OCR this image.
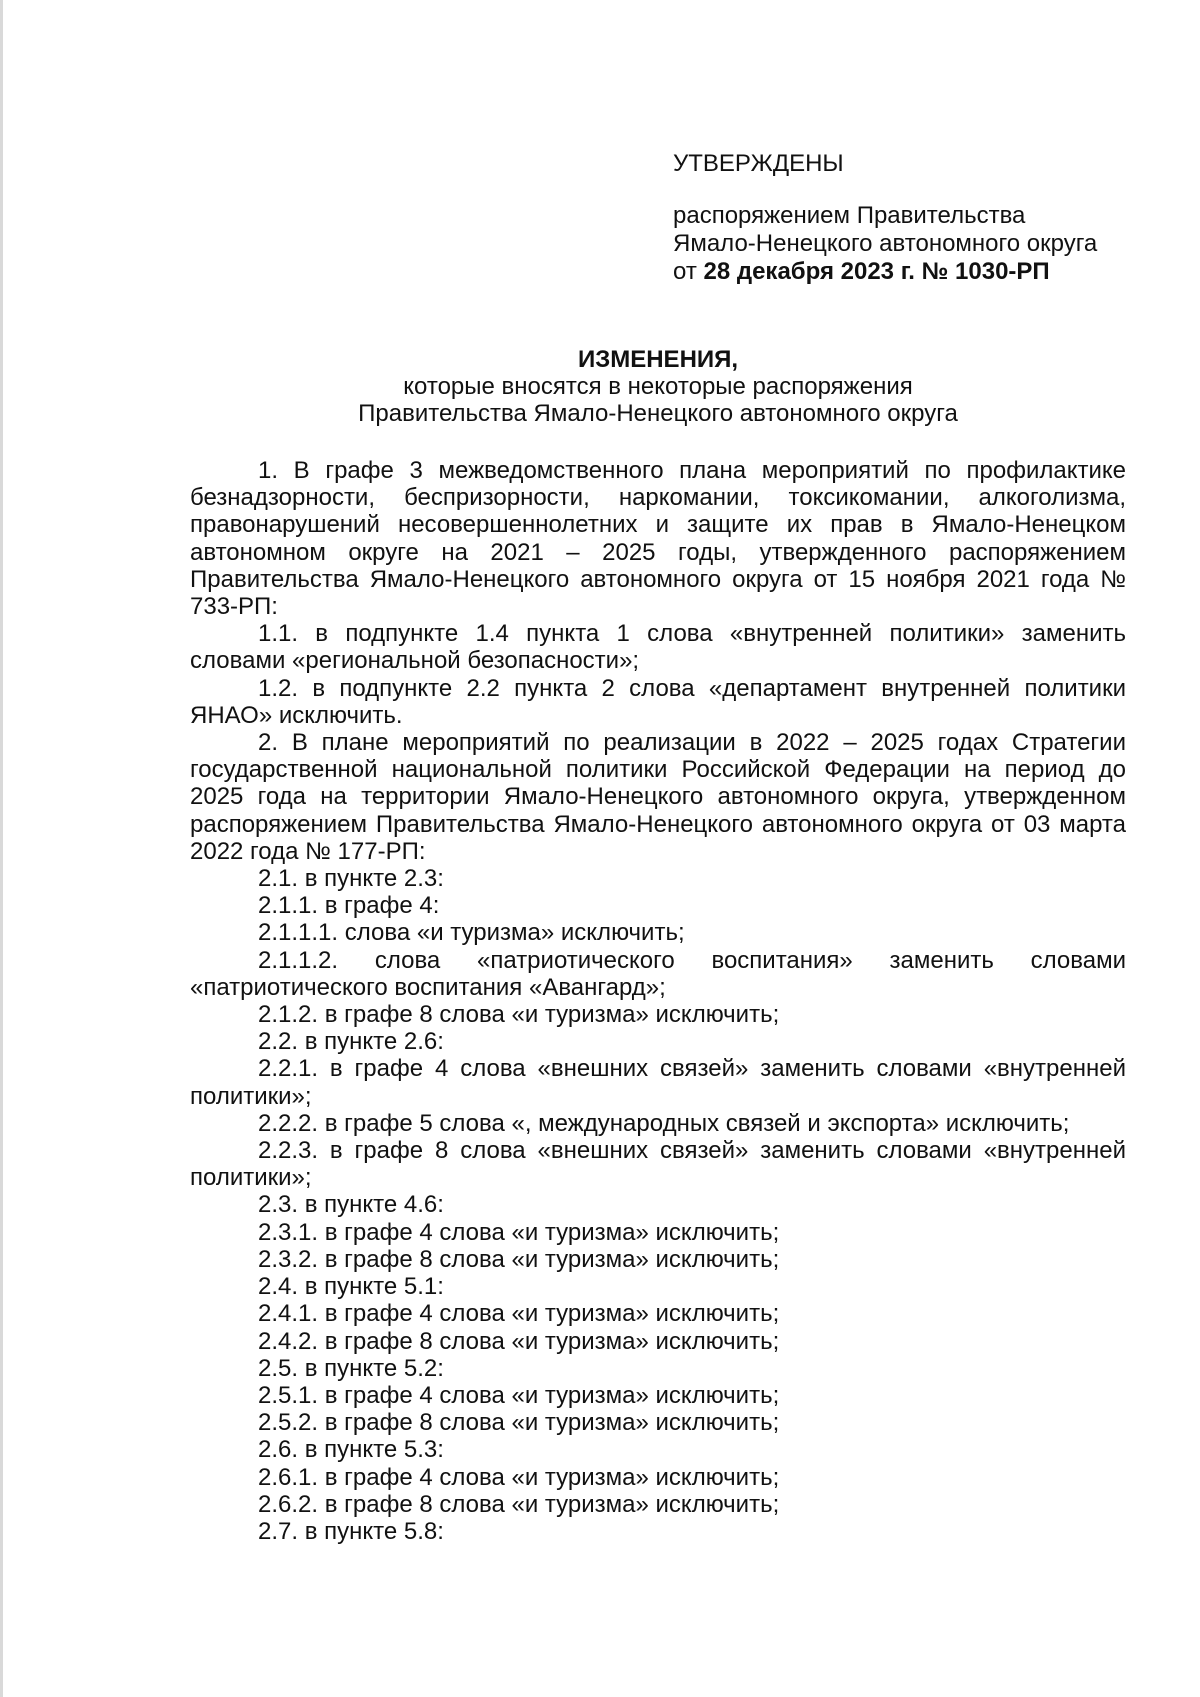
УТВЕРЖДЕНЫ
распоряжением Правительства
Ямало-Ненецкого автономного округа
от 28 декабря 2023 г. № 1030-РП
ИЗМЕНЕНИЯ,
которые вносятся в некоторые распоряжения
Правительства Ямало-Ненецкого автономного округа

1. В графе 3 межведомственного плана мероприятий по профилактике безнадзорности, беспризорности, наркомании, токсикомании, алкоголизма, правонарушений несовершеннолетних и защите их прав в Ямало-Ненецком автономном округе на 2021 – 2025 годы, утвержденного распоряжением Правительства Ямало-Ненецкого автономного округа от 15 ноября 2021 года № 733-РП:

1.1. в подпункте 1.4 пункта 1 слова «внутренней политики» заменить словами «региональной безопасности»;

1.2. в подпункте 2.2 пункта 2 слова «департамент внутренней политики ЯНАО» исключить.

2. В плане мероприятий по реализации в 2022 – 2025 годах Стратегии государственной национальной политики Российской Федерации на период до 2025 года на территории Ямало-Ненецкого автономного округа, утвержденном распоряжением Правительства Ямало-Ненецкого автономного округа от 03 марта 2022 года № 177-РП:

2.1. в пункте 2.3:

2.1.1. в графе 4:

2.1.1.1. слова «и туризма» исключить;

2.1.1.2. слова «патриотического воспитания» заменить словами «патриотического воспитания «Авангард»;

2.1.2. в графе 8 слова «и туризма» исключить;

2.2. в пункте 2.6:

2.2.1. в графе 4 слова «внешних связей» заменить словами «внутренней политики»;

2.2.2. в графе 5 слова «, международных связей и экспорта» исключить;

2.2.3. в графе 8 слова «внешних связей» заменить словами «внутренней политики»;

2.3. в пункте 4.6:

2.3.1. в графе 4 слова «и туризма» исключить;

2.3.2. в графе 8 слова «и туризма» исключить;

2.4. в пункте 5.1:

2.4.1. в графе 4 слова «и туризма» исключить;

2.4.2. в графе 8 слова «и туризма» исключить;

2.5. в пункте 5.2:

2.5.1. в графе 4 слова «и туризма» исключить;

2.5.2. в графе 8 слова «и туризма» исключить;

2.6. в пункте 5.3:

2.6.1. в графе 4 слова «и туризма» исключить;

2.6.2. в графе 8 слова «и туризма» исключить;

2.7. в пункте 5.8:
